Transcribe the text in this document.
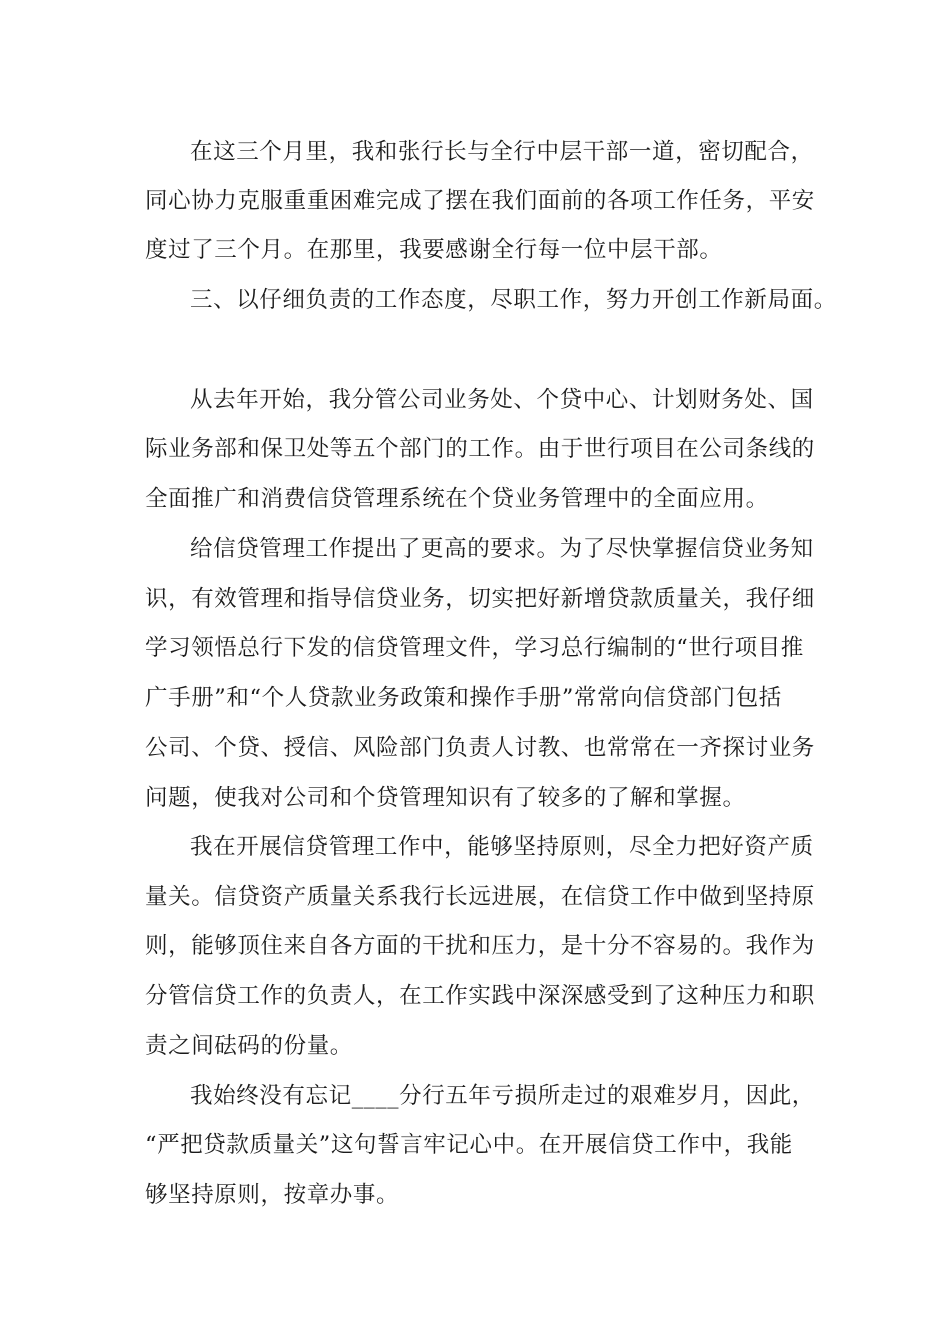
在这三个月里，我和张行长与全行中层干部一道，密切配合，
同心协力克服重重困难完成了摆在我们面前的各项工作任务，平安
度过了三个月。在那里，我要感谢全行每一位中层干部。
三、以仔细负责的工作态度，尽职工作，努力开创工作新局面。
从去年开始，我分管公司业务处、个贷中心、计划财务处、国
际业务部和保卫处等五个部门的工作。由于世行项目在公司条线的
全面推广和消费信贷管理系统在个贷业务管理中的全面应用。
给信贷管理工作提出了更高的要求。为了尽快掌握信贷业务知
识，有效管理和指导信贷业务，切实把好新增贷款质量关，我仔细
学习领悟总行下发的信贷管理文件，学习总行编制的“世行项目推
广手册”和“个人贷款业务政策和操作手册”常常向信贷部门包括
公司、个贷、授信、风险部门负责人讨教、也常常在一齐探讨业务
问题，使我对公司和个贷管理知识有了较多的了解和掌握。
我在开展信贷管理工作中，能够坚持原则，尽全力把好资产质
量关。信贷资产质量关系我行长远进展，在信贷工作中做到坚持原
则，能够顶住来自各方面的干扰和压力，是十分不容易的。我作为
分管信贷工作的负责人，在工作实践中深深感受到了这种压力和职
责之间砝码的份量。
我始终没有忘记____分行五年亏损所走过的艰难岁月，因此，
“严把贷款质量关”这句誓言牢记心中。在开展信贷工作中，我能
够坚持原则，按章办事。
